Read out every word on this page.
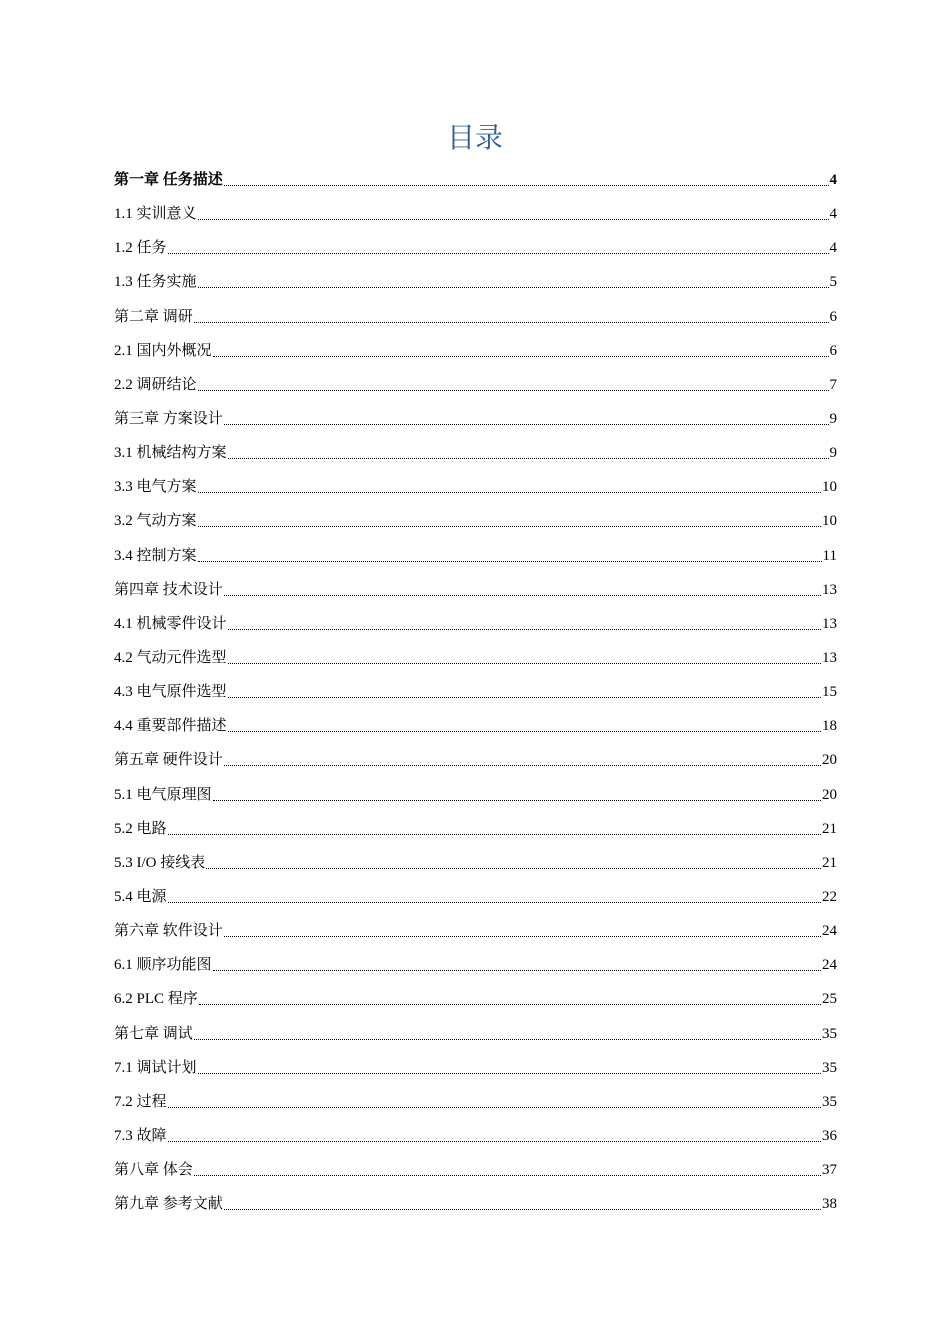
目录
第一章 任务描述	4
1.1 实训意义	4
1.2 任务	4
1.3 任务实施	5
第二章 调研	6
2.1 国内外概况	6
2.2 调研结论	7
第三章 方案设计	9
3.1 机械结构方案	9
3.3 电气方案	10
3.2 气动方案	10
3.4 控制方案	11
第四章 技术设计	13
4.1 机械零件设计	13
4.2 气动元件选型	13
4.3 电气原件选型	15
4.4 重要部件描述	18
第五章 硬件设计	20
5.1 电气原理图	20
5.2 电路	21
5.3 I/O 接线表	21
5.4 电源	22
第六章 软件设计	24
6.1 顺序功能图	24
6.2 PLC 程序	25
第七章 调试	35
7.1 调试计划	35
7.2 过程	35
7.3 故障	36
第八章 体会	37
第九章 参考文献	38
